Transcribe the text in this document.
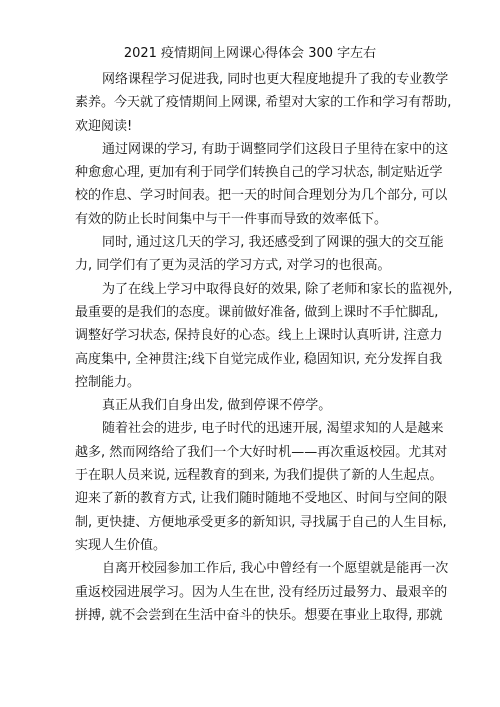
2021 疫情期间上网课心得体会 300 字左右
网络课程学习促进我, 同时也更大程度地提升了我的专业教学
素养。今天就了疫情期间上网课, 希望对大家的工作和学习有帮助,
欢迎阅读!
通过网课的学习, 有助于调整同学们这段日子里待在家中的这
种愈愈心理, 更加有利于同学们转换自己的学习状态, 制定贴近学
校的作息、学习时间表。把一天的时间合理划分为几个部分, 可以
有效的防止长时间集中与干一件事而导致的效率低下。
同时, 通过这几天的学习, 我还感受到了网课的强大的交互能
力, 同学们有了更为灵活的学习方式, 对学习的也很高。
为了在线上学习中取得良好的效果, 除了老师和家长的监视外,
最重要的是我们的态度。课前做好准备, 做到上课时不手忙脚乱,
调整好学习状态, 保持良好的心态。线上上课时认真听讲, 注意力
高度集中, 全神贯注;线下自觉完成作业, 稳固知识, 充分发挥自我
控制能力。
真正从我们自身出发, 做到停课不停学。
随着社会的进步, 电子时代的迅速开展, 渴望求知的人是越来
越多, 然而网络给了我们一个大好时机——再次重返校园。尤其对
于在职人员来说, 远程教育的到来, 为我们提供了新的人生起点。
迎来了新的教育方式, 让我们随时随地不受地区、时间与空间的限
制, 更快捷、方便地承受更多的新知识, 寻找属于自己的人生目标,
实现人生价值。
自离开校园参加工作后, 我心中曾经有一个愿望就是能再一次
重返校园进展学习。因为人生在世, 没有经历过最努力、最艰辛的
拼搏, 就不会尝到在生活中奋斗的快乐。想要在事业上取得, 那就
